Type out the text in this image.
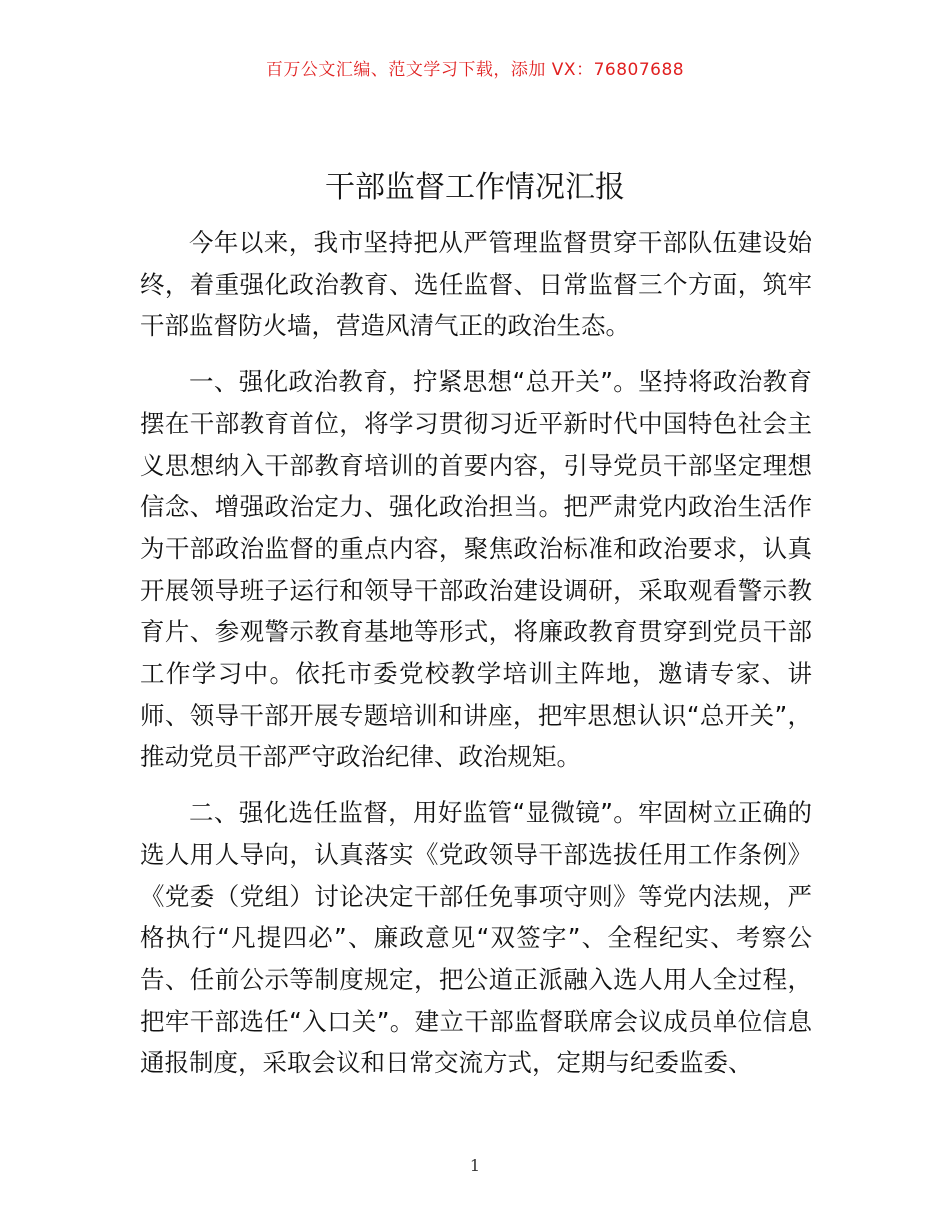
百万公文汇编、范文学习下载，添加 VX：76807688
干部监督工作情况汇报

今年以来，我市坚持把从严管理监督贯穿干部队伍建设始终，着重强化政治教育、选任监督、日常监督三个方面，筑牢干部监督防火墙，营造风清气正的政治生态。

一、强化政治教育，拧紧思想“总开关”。坚持将政治教育摆在干部教育首位，将学习贯彻习近平新时代中国特色社会主义思想纳入干部教育培训的首要内容，引导党员干部坚定理想信念、增强政治定力、强化政治担当。把严肃党内政治生活作为干部政治监督的重点内容，聚焦政治标准和政治要求，认真开展领导班子运行和领导干部政治建设调研，采取观看警示教育片、参观警示教育基地等形式，将廉政教育贯穿到党员干部工作学习中。依托市委党校教学培训主阵地，邀请专家、讲师、领导干部开展专题培训和讲座，把牢思想认识“总开关”，推动党员干部严守政治纪律、政治规矩。

二、强化选任监督，用好监管“显微镜”。牢固树立正确的选人用人导向，认真落实《党政领导干部选拔任用工作条例》《党委（党组）讨论决定干部任免事项守则》等党内法规，严格执行“凡提四必”、廉政意见“双签字”、全程纪实、考察公告、任前公示等制度规定，把公道正派融入选人用人全过程，把牢干部选任“入口关”。建立干部监督联席会议成员单位信息通报制度，采取会议和日常交流方式，定期与纪委监委、

1
